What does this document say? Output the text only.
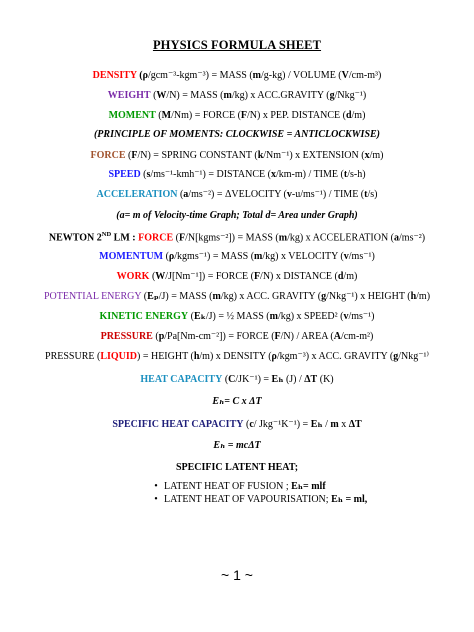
PHYSICS FORMULA SHEET
DENSITY (ρ/gcm⁻³-kgm⁻³) = MASS (m/g-kg) / VOLUME (V/cm-m³)
WEIGHT (W/N) = MASS (m/kg) x ACC.GRAVITY (g/Nkg⁻¹)
MOMENT (M/Nm) = FORCE (F/N) x PEP. DISTANCE (d/m)
(PRINCIPLE OF MOMENTS: CLOCKWISE = ANTICLOCKWISE)
FORCE (F/N) = SPRING CONSTANT (k/Nm⁻¹) x EXTENSION (x/m)
SPEED (s/ms⁻¹-kmh⁻¹) = DISTANCE (x/km-m) / TIME (t/s-h)
ACCELERATION (a/ms⁻²) = ΔVELOCITY (v-u/ms⁻¹) / TIME (t/s)
(a= m of Velocity-time Graph; Total d= Area under Graph)
NEWTON 2ND LM : FORCE (F/N[kgms⁻²]) = MASS (m/kg) x ACCELERATION (a/ms⁻²)
MOMENTUM (ρ/kgms⁻¹) = MASS (m/kg) x VELOCITY (v/ms⁻¹)
WORK (W/J[Nm⁻¹]) = FORCE (F/N) x DISTANCE (d/m)
POTENTIAL ENERGY (Eₚ/J) = MASS (m/kg) x ACC. GRAVITY (g/Nkg⁻¹) x HEIGHT (h/m)
KINETIC ENERGY (Eₖ/J) = ½ MASS (m/kg) x SPEED² (v/ms⁻¹)
PRESSURE (p/Pa[Nm-cm⁻²]) = FORCE (F/N) / AREA (A/cm-m²)
PRESSURE (LIQUID) = HEIGHT (h/m) x DENSITY (ρ/kgm⁻³) x ACC. GRAVITY (g/Nkg⁻¹⁾
HEAT CAPACITY (C/JK⁻¹) = Eₕ (J) / ΔT (K)
Eₕ= C x ΔT
SPECIFIC HEAT CAPACITY (c/ Jkg⁻¹K⁻¹) = Eₕ / m x ΔT
Eₕ = mcΔT
SPECIFIC LATENT HEAT;
• LATENT HEAT OF FUSION ; Eₕ= mlf
• LATENT HEAT OF VAPOURISATION; Eₕ = ml,
~ 1 ~
